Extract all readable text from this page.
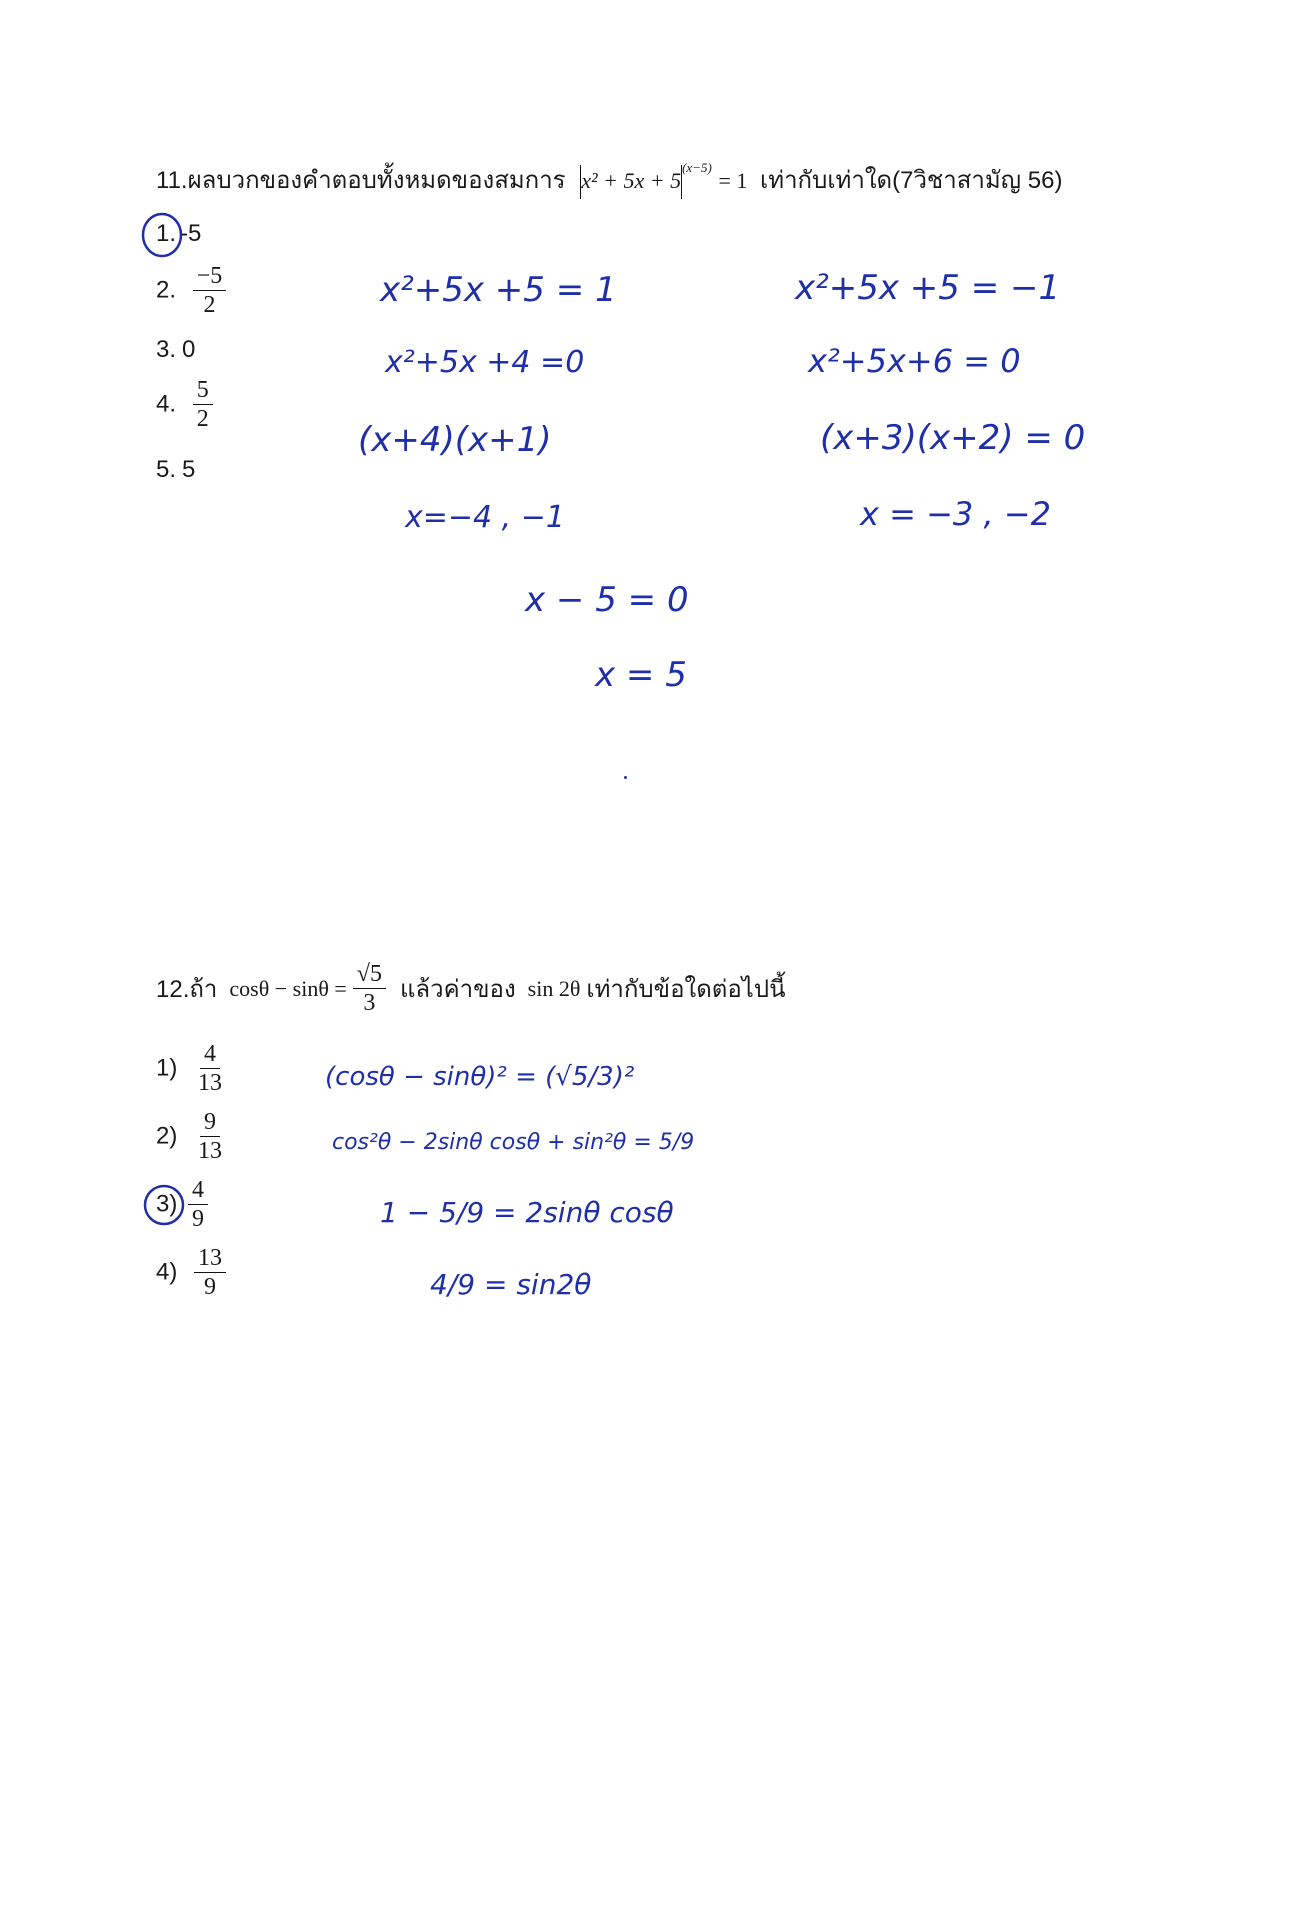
11.ผลบวกของคำตอบทั้งหมดของสมการ $x^2 + 5x + 5^{(x-5)} = 1$ เท่ากับเท่าใด(7วิชาสามัญ 56)
1. -5
2. $\frac{-5}{2}$
3. 0
4. $\frac{5}{2}$
5. 5
x²+5x +5 = 1
x²+5x +4 =0
(x+4)(x+1)
x=−4 , −1
x²+5x +5 = −1
x²+5x+6 = 0
(x+3)(x+2) = 0
x = −3 , −2
x − 5 = 0
x = 5
12.ถ้า $\cos\theta - \sin\theta = \frac{√5}{3}$ แล้วค่าของ sin 2θ เท่ากับข้อใดต่อไปนี้
$1) \frac{4}{13}$
$2) \frac{9}{13}$
$3) \frac{4}{9}$
$4) \frac{13}{9}$
(cosθ − sinθ)² = (√5/3)²
cos²θ − 2sinθ cosθ + sin²θ = 5/9
1 − 5/9 = 2sinθ cosθ
4/9 = sin2θ
